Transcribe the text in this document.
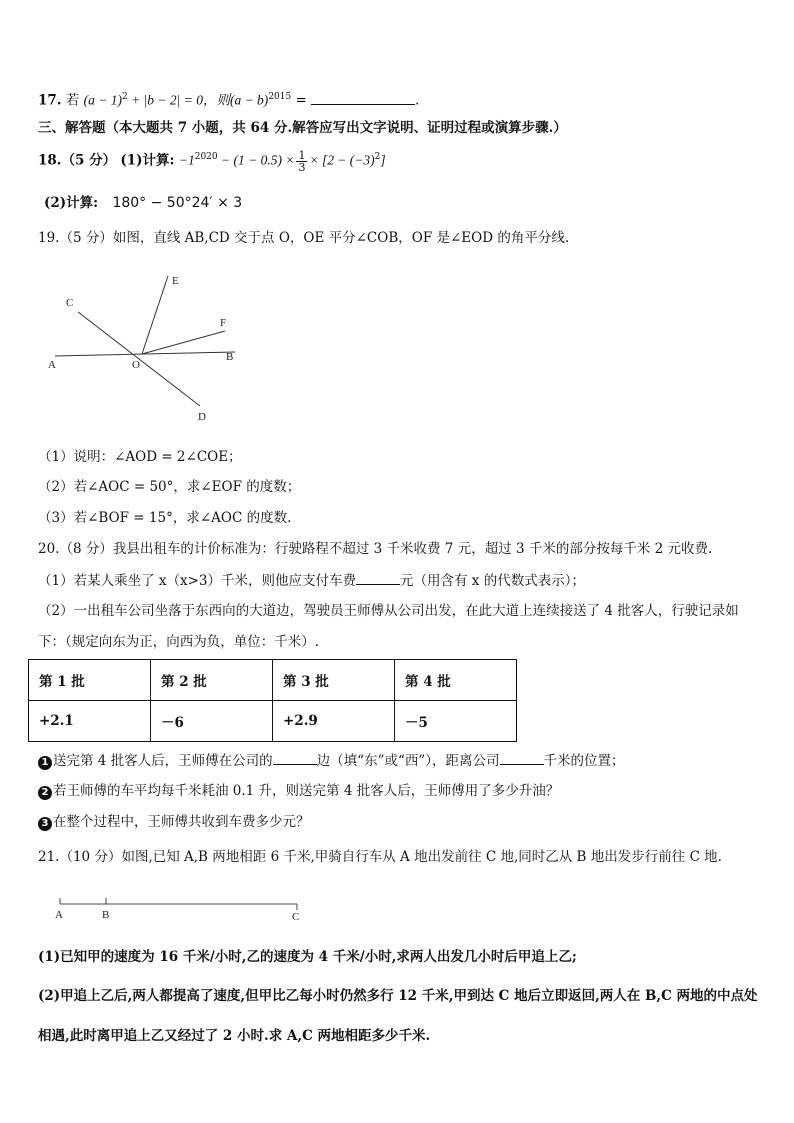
17. 若 $(a - 1)^2 + |b - 2| = 0$，则$(a - b)^{2015}$ =	.
三、解答题（本大题共 7 小题，共 64 分.解答应写出文字说明、证明过程或演算步骤.）
18.（5 分） (1)计算: $-1^{2020} - (1 - 0.5) \times \frac{1}{3} \times [2 - (-3)^2]$
(2)计算: 180° − 50°24′ × 3
19.（5 分）如图，直线 AB,CD 交于点 O，OE 平分∠COB，OF 是∠EOD 的角平分线.
A
B
C
D
E
F
O
（1）说明：∠AOD = 2∠COE；
（2）若∠AOC = 50°，求∠EOF 的度数；
（3）若∠BOF = 15°，求∠AOC 的度数.
20.（8 分）我县出租车的计价标准为：行驶路程不超过 3 千米收费 7 元，超过 3 千米的部分按每千米 2 元收费.
（1）若某人乘坐了 x（x>3）千米，则他应支付车费	元（用含有 x 的代数式表示）；
（2）一出租车公司坐落于东西向的大道边，驾驶员王师傅从公司出发，在此大道上连续接送了 4 批客人，行驶记录如
下：（规定向东为正，向西为负，单位：千米）.
第 1 批	第 2 批	第 3 批	第 4 批
+2.1	－6	+2.9	－5
1 送完第 4 批客人后，王师傅在公司的	边（填“东”或“西”），距离公司	千米的位置；
2 若王师傅的车平均每千米耗油 0.1 升，则送完第 4 批客人后，王师傅用了多少升油？
3 在整个过程中，王师傅共收到车费多少元？
21.（10 分）如图,已知 A,B 两地相距 6 千米,甲骑自行车从 A 地出发前往 C 地,同时乙从 B 地出发步行前往 C 地.
A	B	C
(1)已知甲的速度为 16 千米/小时,乙的速度为 4 千米/小时,求两人出发几小时后甲追上乙;
(2)甲追上乙后,两人都提高了速度,但甲比乙每小时仍然多行 12 千米,甲到达 C 地后立即返回,两人在 B,C 两地的中点处
相遇,此时离甲追上乙又经过了 2 小时.求 A,C 两地相距多少千米.
